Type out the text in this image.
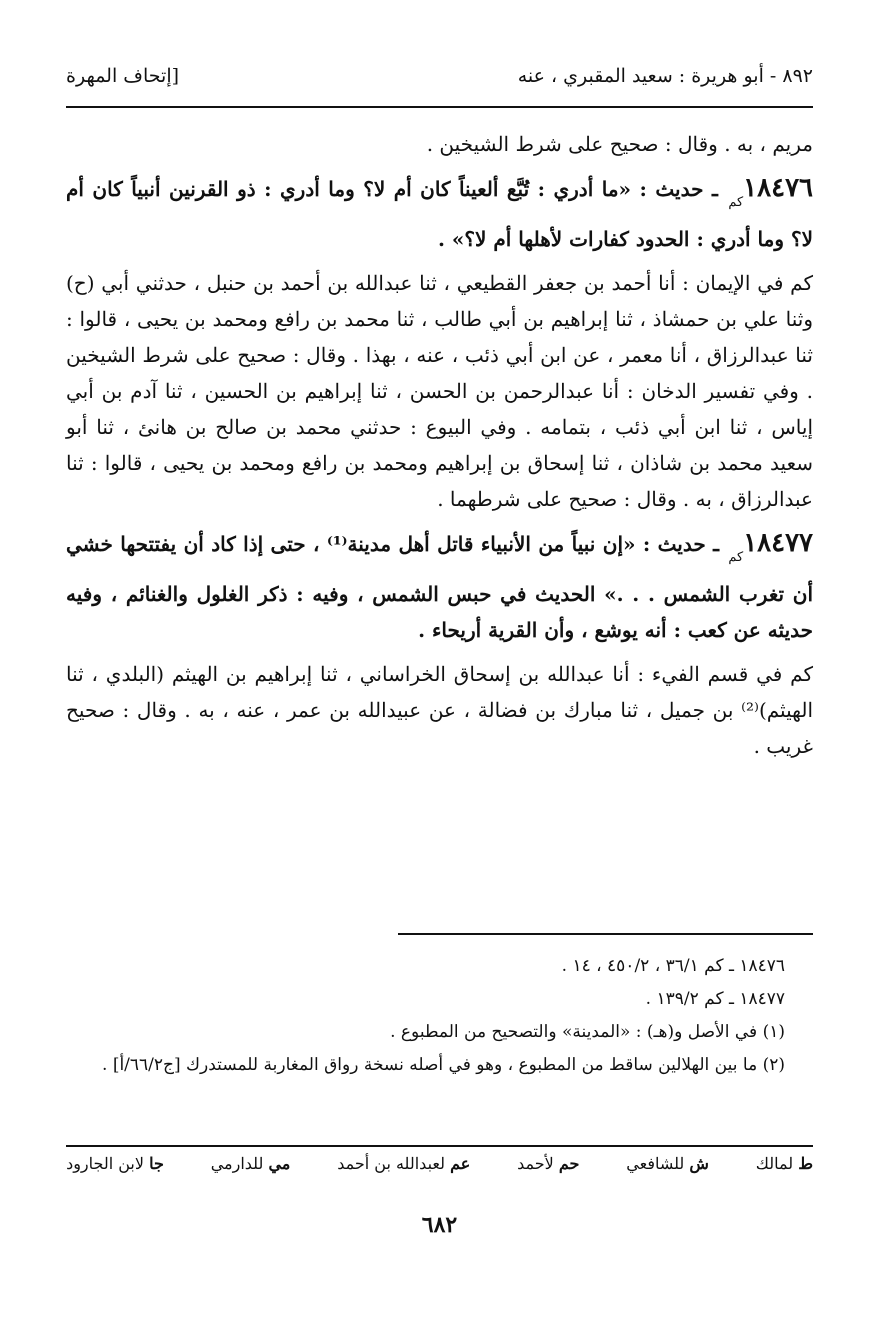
٨٩٢ - أبو هريرة : سعيد المقبري ، عنه
[إتحاف المهرة

مريم ، به . وقال : صحيح على شرط الشيخين .

$١٨٤٧٦_{كم}$ ـ حديث : «ما أدري : تُبَّع ألعيناً كان أم لا؟ وما أدري : ذو القرنين أنبياً كان أم لا؟ وما أدري : الحدود كفارات لأهلها أم لا؟» .

كم في الإيمان : أنا أحمد بن جعفر القطيعي ، ثنا عبدالله بن أحمد بن حنبل ، حدثني أبي (ح) وثنا علي بن حمشاذ ، ثنا إبراهيم بن أبي طالب ، ثنا محمد بن رافع ومحمد بن يحيى ، قالوا : ثنا عبدالرزاق ، أنا معمر ، عن ابن أبي ذئب ، عنه ، بهذا . وقال : صحيح على شرط الشيخين . وفي تفسير الدخان : أنا عبدالرحمن بن الحسن ، ثنا إبراهيم بن الحسين ، ثنا آدم بن أبي إياس ، ثنا ابن أبي ذئب ، بتمامه . وفي البيوع : حدثني محمد بن صالح بن هانئ ، ثنا أبو سعيد محمد بن شاذان ، ثنا إسحاق بن إبراهيم ومحمد بن رافع ومحمد بن يحيى ، قالوا : ثنا عبدالرزاق ، به . وقال : صحيح على شرطهما .

$١٨٤٧٧_{كم}$ ـ حديث : «إن نبياً من الأنبياء قاتل أهل مدينة⁽¹⁾ ، حتى إذا كاد أن يفتتحها خشي أن تغرب الشمس . . .» الحديث في حبس الشمس ، وفيه : ذكر الغلول والغنائم ، وفيه حديثه عن كعب : أنه يوشع ، وأن القرية أريحاء .

كم في قسم الفيء : أنا عبدالله بن إسحاق الخراساني ، ثنا إبراهيم بن الهيثم (البلدي ، ثنا الهيثم)⁽²⁾ بن جميل ، ثنا مبارك بن فضالة ، عن عبيدالله بن عمر ، عنه ، به . وقال : صحيح غريب .

١٨٤٧٦ ـ كم ٣٦/١ ، ٤٥٠/٢ ، ١٤ .

١٨٤٧٧ ـ كم ١٣٩/٢ .

(١) في الأصل و(هـ) : «المدينة» والتصحيح من المطبوع .

(٢) ما بين الهلالين ساقط من المطبوع ، وهو في أصله نسخة رواق المغاربة للمستدرك [ج٦٦/٢/أ] .

ط لمالك
ش للشافعي
حم لأحمد
عم لعبدالله بن أحمد
مي للدارمي
جا لابن الجارود
٦٨٢
